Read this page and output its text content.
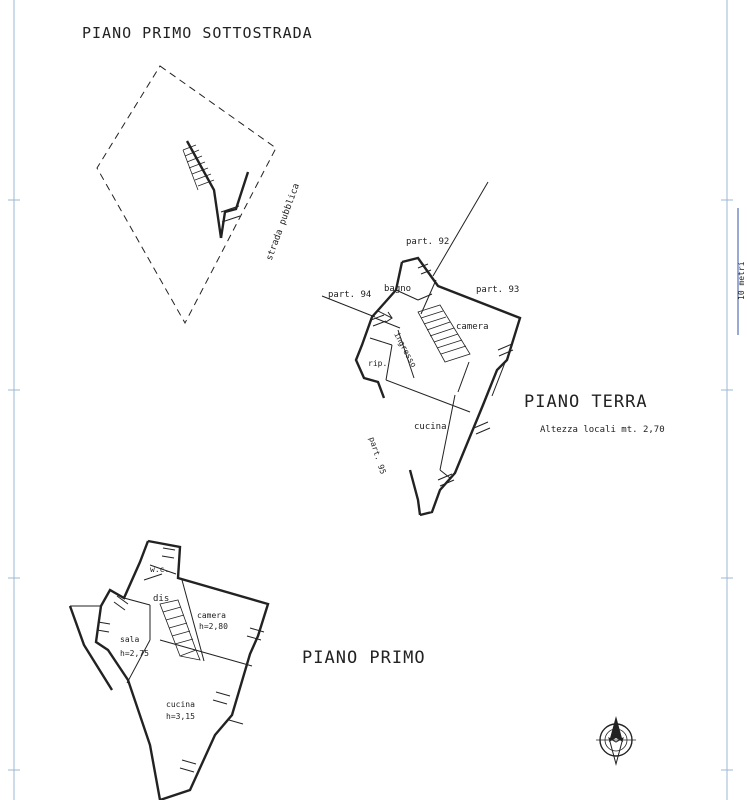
10 metri
PIANO PRIMO SOTTOSTRADA
strada pubblica	part. 92
part. 93
part. 94
bagno
camera
ingresso
rip.
cucina
part. 95
PIANO TERRA
Altezza locali mt. 2,70
w.c.
dis
camera
h=2,80
sala
h=2,75
cucina
h=3,15
PIANO PRIMO
